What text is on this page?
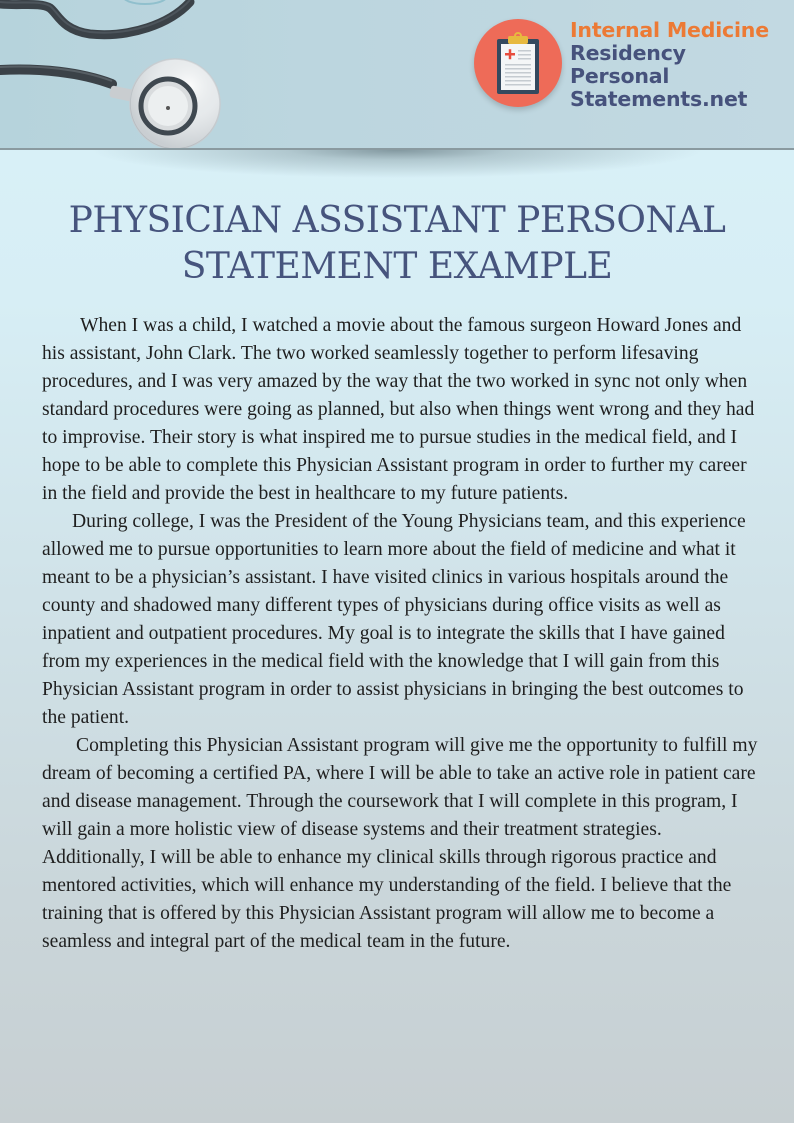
Internal Medicine
Residency
Personal
Statements.net
PHYSICIAN ASSISTANT PERSONAL
STATEMENT EXAMPLE

When I was a child, I watched a movie about the famous surgeon Howard Jones and his assistant, John Clark. The two worked seamlessly together to perform lifesaving procedures, and I was very amazed by the way that the two worked in sync not only when standard procedures were going as planned, but also when things went wrong and they had to improvise. Their story is what inspired me to pursue studies in the medical field, and I hope to be able to complete this Physician Assistant program in order to further my career in the field and provide the best in healthcare to my future patients.

During college, I was the President of the Young Physicians team, and this experience allowed me to pursue opportunities to learn more about the field of medicine and what it meant to be a physician’s assistant. I have visited clinics in various hospitals around the county and shadowed many different types of physicians during office visits as well as inpatient and outpatient procedures. My goal is to integrate the skills that I have gained from my experiences in the medical field with the knowledge that I will gain from this Physician Assistant program in order to assist physicians in bringing the best outcomes to the patient.

Completing this Physician Assistant program will give me the opportunity to fulfill my dream of becoming a certified PA, where I will be able to take an active role in patient care and disease management. Through the coursework that I will complete in this program, I will gain a more holistic view of disease systems and their treatment strategies. Additionally, I will be able to enhance my clinical skills through rigorous practice and mentored activities, which will enhance my understanding of the field. I believe that the training that is offered by this Physician Assistant program will allow me to become a seamless and integral part of the medical team in the future.
